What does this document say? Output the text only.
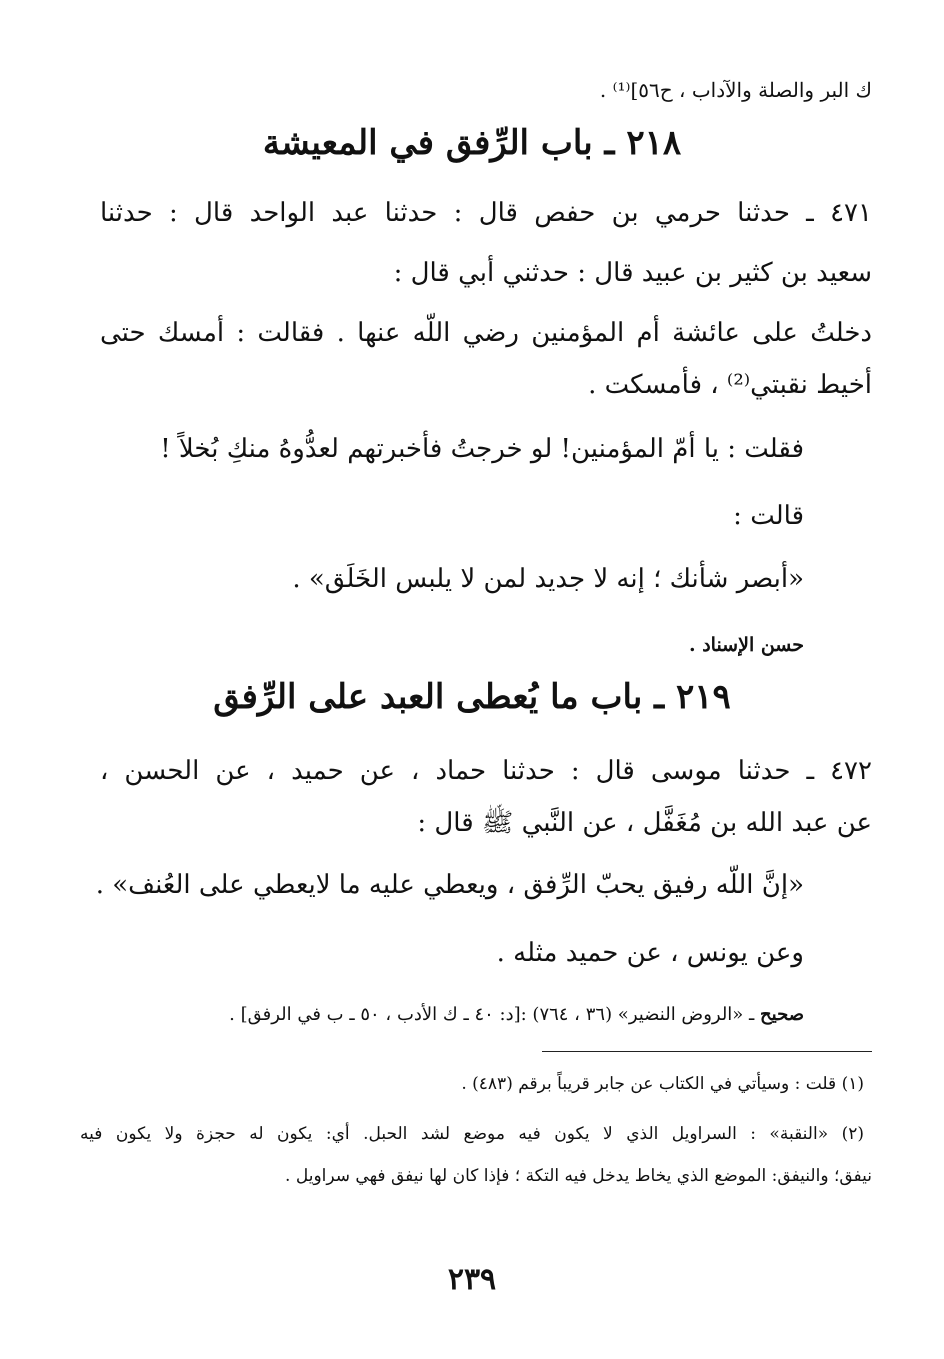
ك البر والصلة والآداب ، ح٥٦]⁽¹⁾ .
٢١٨ ـ باب الرِّفق في المعيشة
٤٧١ ـ حدثنا حرمي بن حفص قال : حدثنا عبد الواحد قال : حدثنا
سعيد بن كثير بن عبيد قال : حدثني أبي قال :
دخلتُ على عائشة أم المؤمنين رضي اللّه عنها . فقالت : أمسك حتى
أخيط نقبتي⁽²⁾ ، فأمسكت .
فقلت : يا أمّ المؤمنين! لو خرجتُ فأخبرتهم لعدُّوهُ منكِ بُخلاً !
قالت :
«أبصر شأنك ؛ إنه لا جديد لمن لا يلبس الخَلَق» .
حسن الإسناد .
٢١٩ ـ باب ما يُعطى العبد على الرِّفق
٤٧٢ ـ حدثنا موسى قال : حدثنا حماد ، عن حميد ، عن الحسن ،
عن عبد الله بن مُغَفَّل ، عن النَّبي ﷺ قال :
«إنَّ اللّه رفيق يحبّ الرِّفق ، ويعطي عليه ما لايعطي على العُنف» .
وعن يونس ، عن حميد مثله .
صحيح ـ «الروض النضير» (٣٦ ، ٧٦٤) :[د: ٤٠ ـ ك الأدب ، ٥٠ ـ ب في الرفق] .
(١) قلت : وسيأتي في الكتاب عن جابر قريباً برقم (٤٨٣) .
(٢) «النقبة» : السراويل الذي لا يكون فيه موضع لشد الحبل. أي: يكون له حجزة ولا يكون فيه
نيفق؛ والنيفق: الموضع الذي يخاط يدخل فيه التكة ؛ فإذا كان لها نيفق فهي سراويل .
٢٣٩
